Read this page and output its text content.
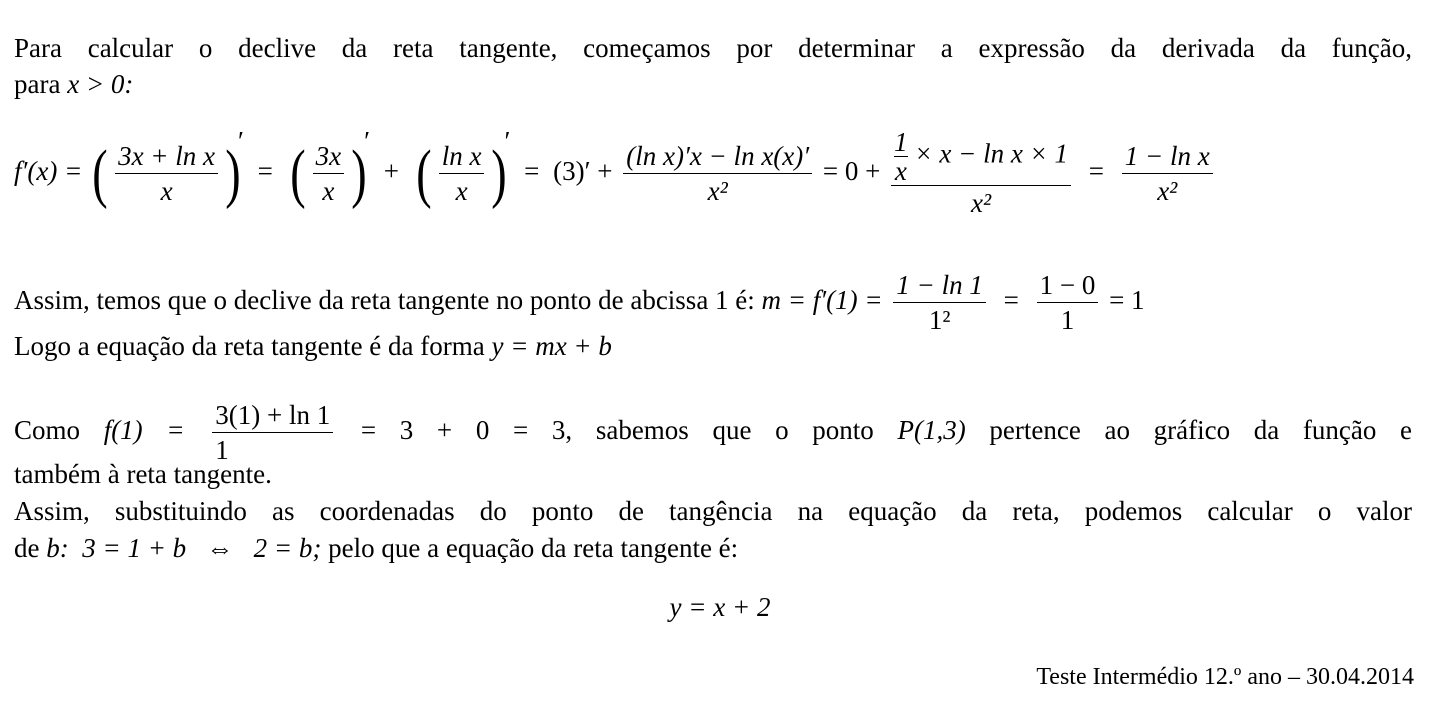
Para calcular o declive da reta tangente, começamos por determinar a expressão da derivada da função,
para x > 0:
f′(x) = ( $\frac{\text{3x + ln x}}{x}$ )′ = ( $\frac{3x}{x}$ )′ + ( $\frac{\text{ln x}}{x}$ )′ = $(3)' + \frac{\text{(ln x)′x − ln x(x)′}}{\text{x²}} = 0 + \frac{\frac{1}{x} \times x - \ln x \times 1}{\text{x²}} = \frac{\text{1 − ln x}}{\text{x²}}$
Assim, temos que o declive da reta tangente no ponto de abcissa 1 é: $m = f'(1) = \frac{1 - \ln 1}{\text{1²}} = \frac{1 - 0}{1} = 1$
Logo a equação da reta tangente é da forma y = mx + b
Como $f(1) = \frac{3(1) + \ln 1}{1} = 3 + 0 = 3$, sabemos que o ponto P(1,3) pertence ao gráfico da função e
também à reta tangente.
Assim, substituindo as coordenadas do ponto de tangência na equação da reta, podemos calcular o valor
de b: 3 = 1 + b   ⇔   2 = b; pelo que a equação da reta tangente é:
y = x + 2
Teste Intermédio 12.º ano – 30.04.2014
